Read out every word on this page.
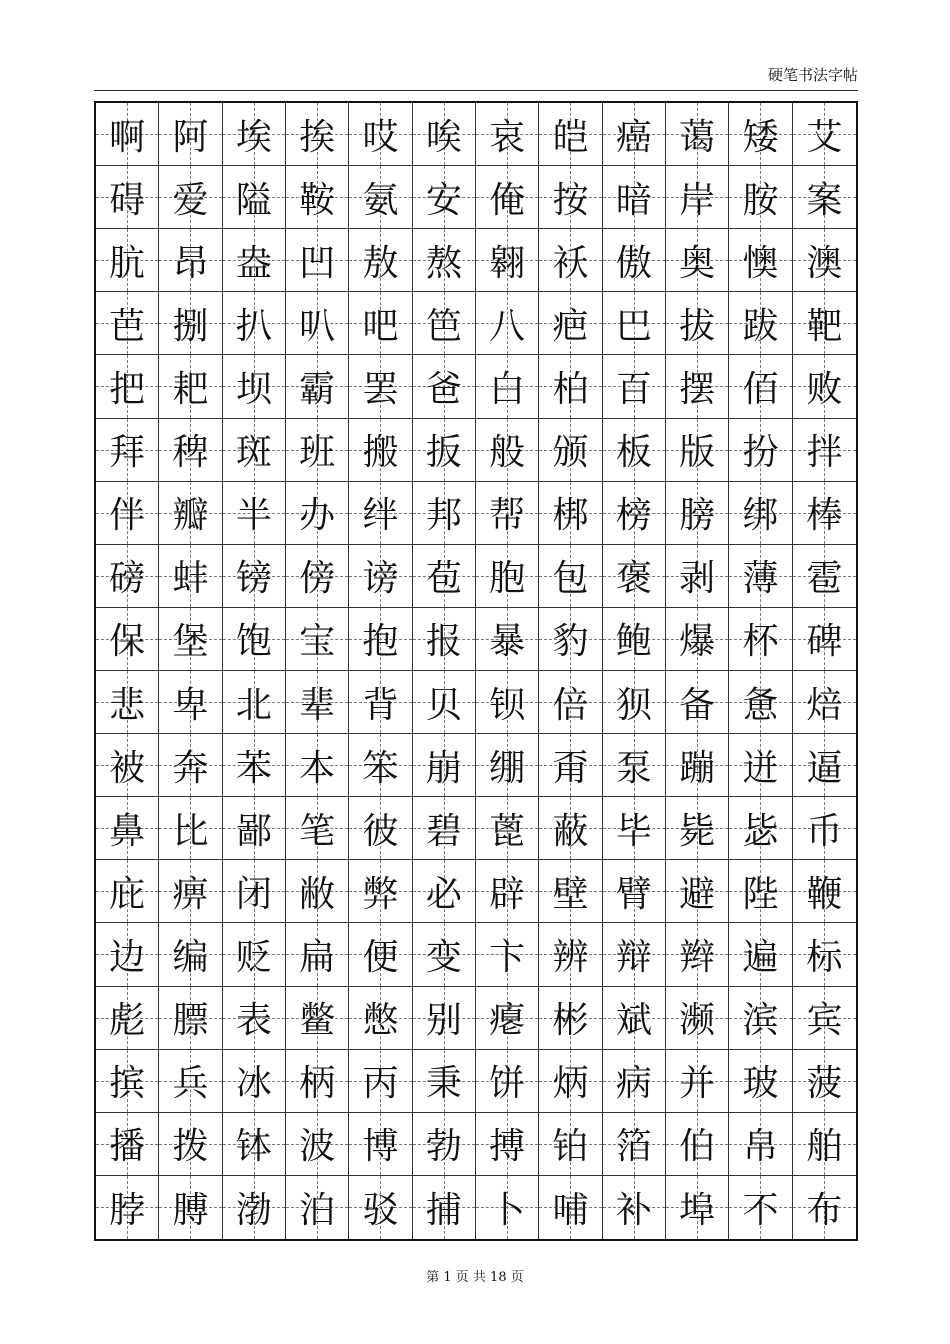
硬笔书法字帖
啊 阿 埃 挨 哎 唉 哀 皑 癌 蔼 矮 艾
碍 爱 隘 鞍 氨 安 俺 按 暗 岸 胺 案
肮 昂 盎 凹 敖 熬 翱 袄 傲 奥 懊 澳
芭 捌 扒 叭 吧 笆 八 疤 巴 拔 跋 靶
把 耙 坝 霸 罢 爸 白 柏 百 摆 佰 败
拜 稗 斑 班 搬 扳 般 颁 板 版 扮 拌
伴 瓣 半 办 绊 邦 帮 梆 榜 膀 绑 棒
磅 蚌 镑 傍 谤 苞 胞 包 褒 剥 薄 雹
保 堡 饱 宝 抱 报 暴 豹 鲍 爆 杯 碑
悲 卑 北 辈 背 贝 钡 倍 狈 备 惫 焙
被 奔 苯 本 笨 崩 绷 甭 泵 蹦 迸 逼
鼻 比 鄙 笔 彼 碧 蓖 蔽 毕 毙 毖 币
庇 痹 闭 敝 弊 必 辟 壁 臂 避 陛 鞭
边 编 贬 扁 便 变 卞 辨 辩 辫 遍 标
彪 膘 表 鳖 憋 别 瘪 彬 斌 濒 滨 宾
摈 兵 冰 柄 丙 秉 饼 炳 病 并 玻 菠
播 拨 钵 波 博 勃 搏 铂 箔 伯 帛 舶
脖 膊 渤 泊 驳 捕 卜 哺 补 埠 不 布
第 1 页 共 18 页
